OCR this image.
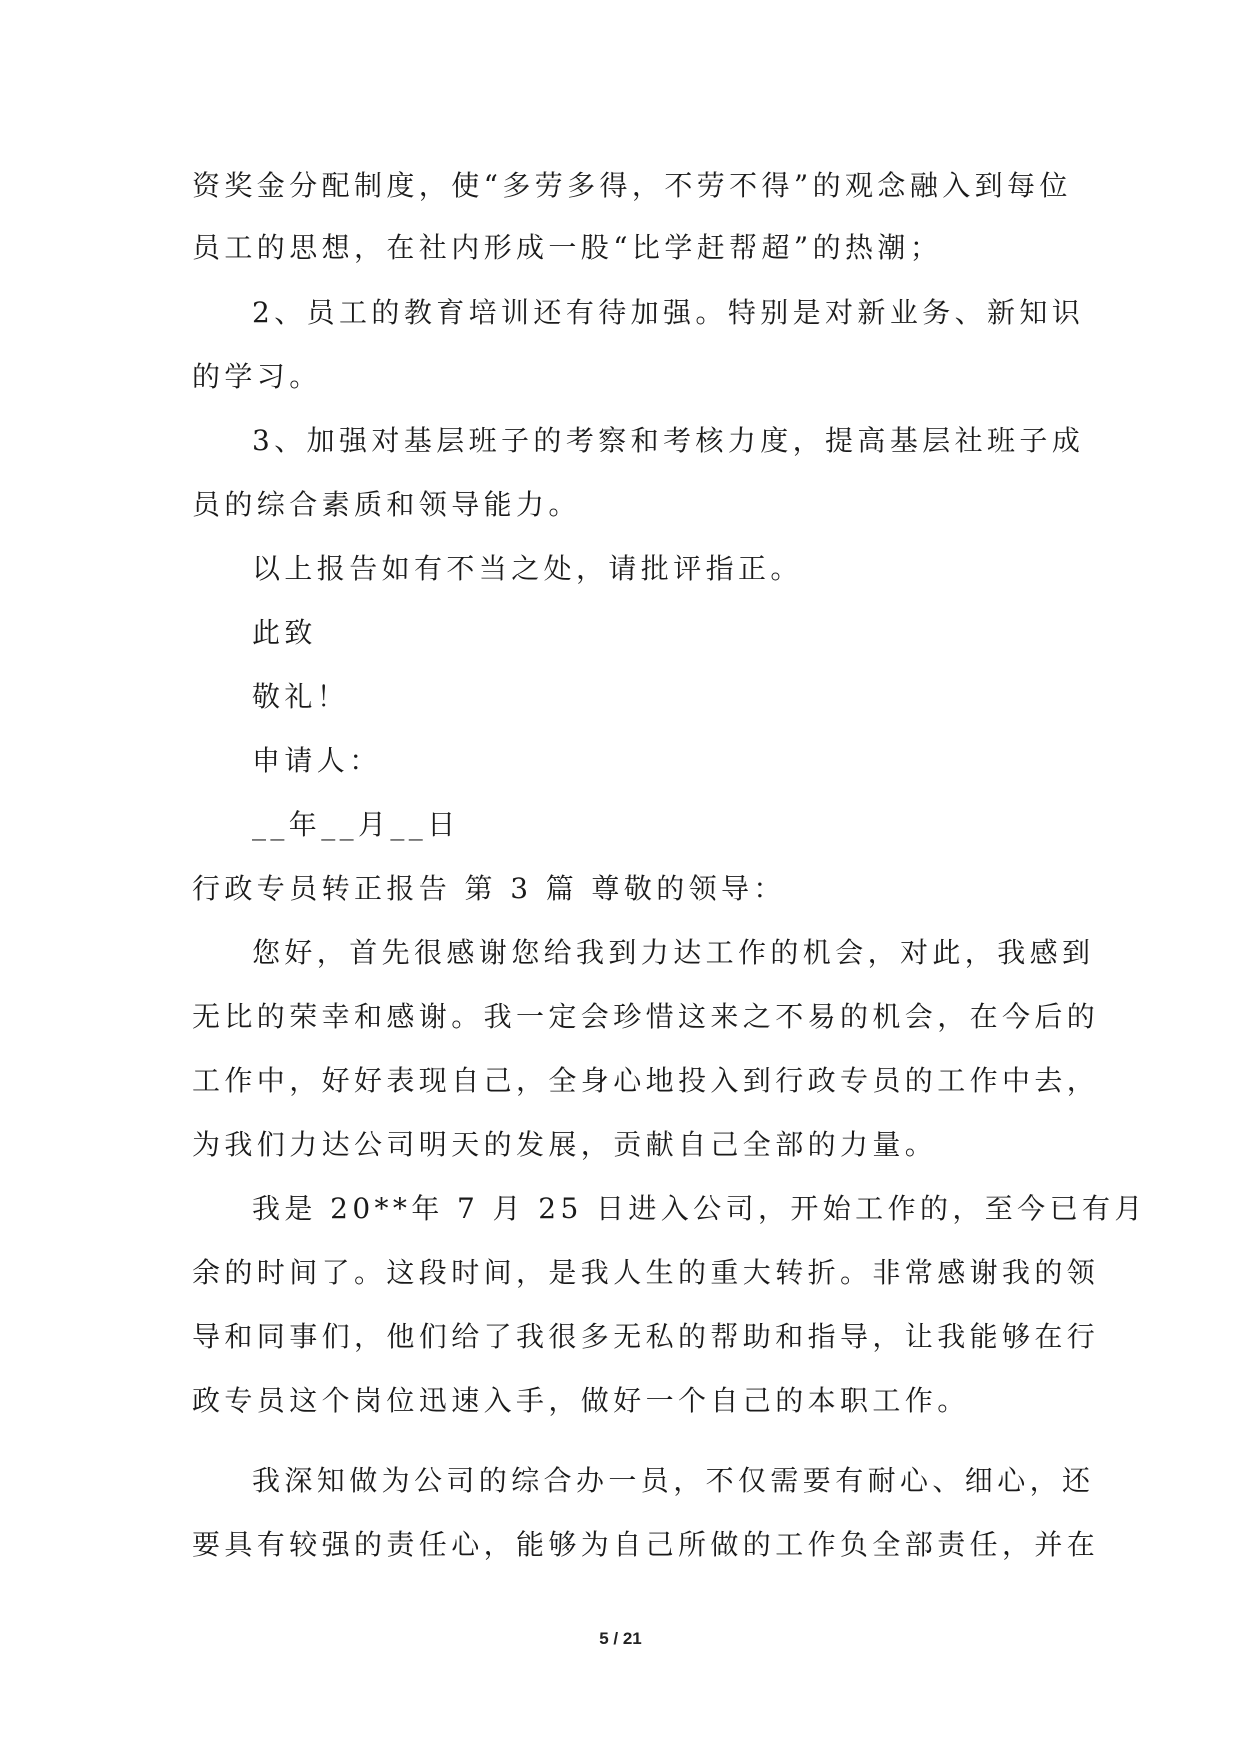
资奖金分配制度，使“多劳多得，不劳不得”的观念融入到每位
员工的思想，在社内形成一股“比学赶帮超”的热潮；
2、员工的教育培训还有待加强。特别是对新业务、新知识
的学习。
3、加强对基层班子的考察和考核力度，提高基层社班子成
员的综合素质和领导能力。
以上报告如有不当之处，请批评指正。
此致
敬礼！
申请人：
__年__月__日
行政专员转正报告 第 3 篇 尊敬的领导：
您好，首先很感谢您给我到力达工作的机会，对此，我感到
无比的荣幸和感谢。我一定会珍惜这来之不易的机会，在今后的
工作中，好好表现自己，全身心地投入到行政专员的工作中去，
为我们力达公司明天的发展，贡献自己全部的力量。
我是 20**年 7 月 25 日进入公司，开始工作的，至今已有月
余的时间了。这段时间，是我人生的重大转折。非常感谢我的领
导和同事们，他们给了我很多无私的帮助和指导，让我能够在行
政专员这个岗位迅速入手，做好一个自己的本职工作。
我深知做为公司的综合办一员，不仅需要有耐心、细心，还
要具有较强的责任心，能够为自己所做的工作负全部责任，并在
5 / 21
